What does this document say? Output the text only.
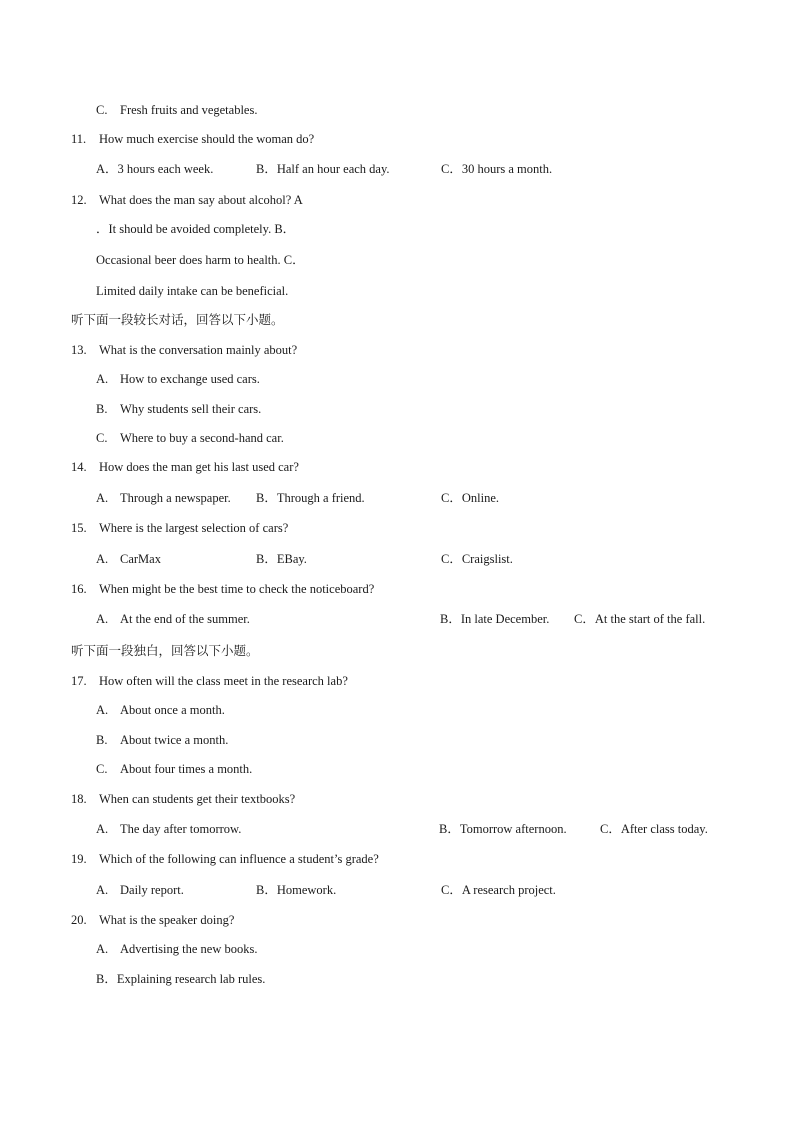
C. Fresh fruits and vegetables.
11. How much exercise should the woman do?
A．3 hours each week.	B．Half an hour each day.	C．30 hours a month.
12. What does the man say about alcohol? A
．It should be avoided completely. B．
Occasional beer does harm to health. C．
Limited daily intake can be beneficial.
听下面一段较长对话，回答以下小题。
13. What is the conversation mainly about?
A. How to exchange used cars.
B. Why students sell their cars.
C. Where to buy a second-hand car.
14. How does the man get his last used car?
A. Through a newspaper. B．Through a friend.	C．Online.
15. Where is the largest selection of cars?
A. CarMax	B．EBay.	C．Craigslist.
16. When might be the best time to check the noticeboard?
A. At the end of the summer.	B．In late December. C．At the start of the fall.
听下面一段独白，回答以下小题。
17. How often will the class meet in the research lab?
A. About once a month.
B. About twice a month.
C. About four times a month.
18. When can students get their textbooks?
A. The day after tomorrow.	B．Tomorrow afternoon.	C．After class today.
19. Which of the following can influence a student’s grade?
A. Daily report.	B．Homework.	C．A research project.
20. What is the speaker doing?
A. Advertising the new books.
B．Explaining research lab rules.
